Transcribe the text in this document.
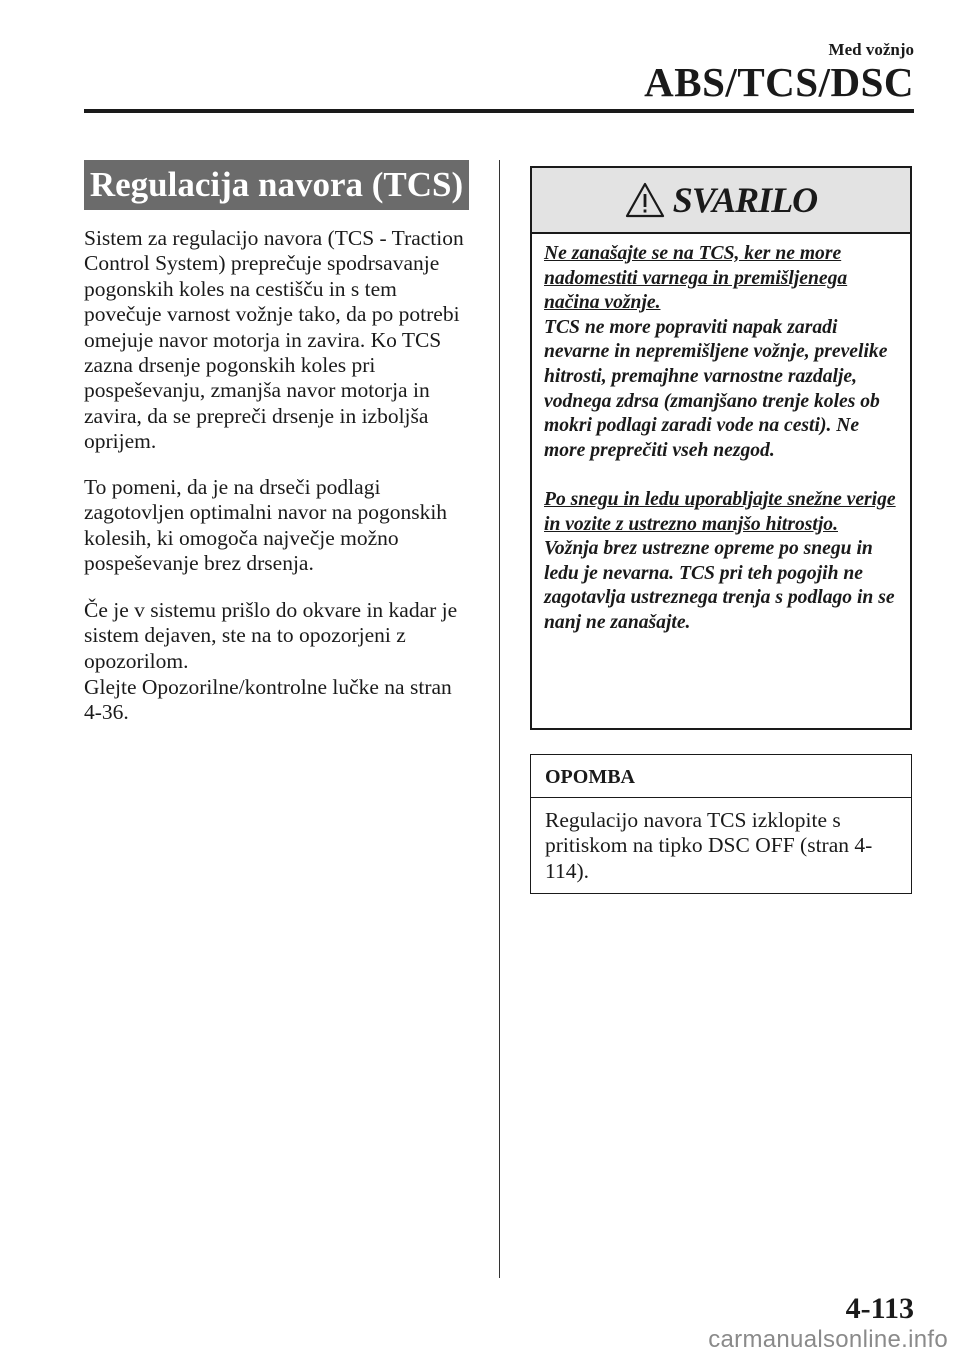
Med vožnjo
ABS/TCS/DSC
Regulacija navora (TCS)

Sistem za regulacijo navora (TCS - Traction Control System) preprečuje spodrsavanje pogonskih koles na cestišču in s tem povečuje varnost vožnje tako, da po potrebi omejuje navor motorja in zavira. Ko TCS zazna drsenje pogonskih koles pri pospeševanju, zmanjša navor motorja in zavira, da se prepreči drsenje in izboljša oprijem.

To pomeni, da je na drseči podlagi zagotovljen optimalni navor na pogonskih kolesih, ki omogoča največje možno pospeševanje brez drsenja.

Če je v sistemu prišlo do okvare in kadar je sistem dejaven, ste na to opozorjeni z opozorilom.

Glejte Opozorilne/kontrolne lučke na stran 4-36.

SVARILO

Ne zanašajte se na TCS, ker ne more nadomestiti varnega in premišljenega načina vožnje.

TCS ne more popraviti napak zaradi nevarne in nepremišljene vožnje, prevelike hitrosti, premajhne varnostne razdalje, vodnega zdrsa (zmanjšano trenje koles ob mokri podlagi zaradi vode na cesti). Ne more preprečiti vseh nezgod.

Po snegu in ledu uporabljajte snežne verige in vozite z ustrezno manjšo hitrostjo.

Vožnja brez ustrezne opreme po snegu in ledu je nevarna. TCS pri teh pogojih ne zagotavlja ustreznega trenja s podlago in se nanj ne zanašajte.

OPOMBA

Regulacijo navora TCS izklopite s pritiskom na tipko DSC OFF (stran 4-114).

4-113
carmanualsonline.info
